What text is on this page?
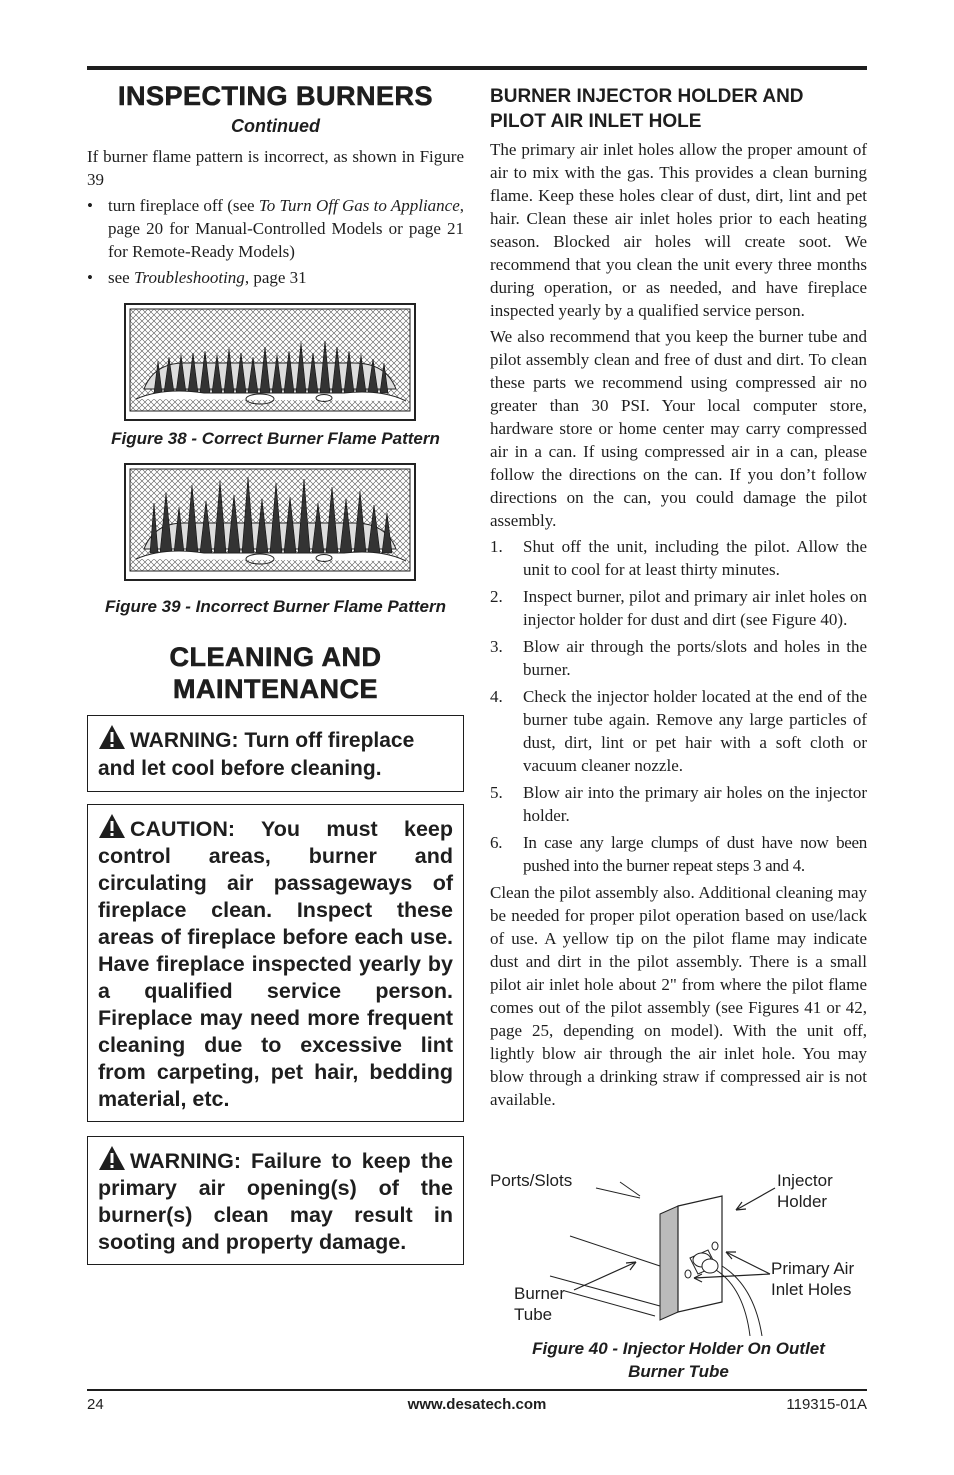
INSPECTING BURNERS
Continued

If burner flame pattern is incorrect, as shown in Figure 39

• turn fireplace off (see To Turn Off Gas to Appliance, page 20 for Manual-Controlled Models or page 21 for Remote-Ready Models)
• see Troubleshooting, page 31
Figure 38 - Correct Burner Flame Pattern
Figure 39 - Incorrect Burner Flame Pattern
CLEANING AND
MAINTENANCE
WARNING: Turn off fireplace and let cool before cleaning.
CAUTION: You must keep control areas, burner and circulating air passageways of fireplace clean. Inspect these areas of fireplace before each use. Have fireplace inspected yearly by a qualified service person. Fireplace may need more frequent cleaning due to excessive lint from carpeting, pet hair, bedding material, etc.
WARNING: Failure to keep the primary air opening(s) of the burner(s) clean may result in sooting and property damage.
BURNER INJECTOR HOLDER AND
PILOT AIR INLET HOLE

The primary air inlet holes allow the proper amount of air to mix with the gas. This provides a clean burning flame. Keep these holes clear of dust, dirt, lint and pet hair. Clean these air inlet holes prior to each heating season. Blocked air holes will create soot. We recommend that you clean the unit every three months during operation, or as needed, and have fireplace inspected yearly by a qualified service person.

We also recommend that you keep the burner tube and pilot assembly clean and free of dust and dirt. To clean these parts we recommend using compressed air no greater than 30 PSI. Your local computer store, hardware store or home center may carry compressed air in a can. If using compressed air in a can, please follow the directions on the can. If you don’t follow directions on the can, you could damage the pilot assembly.

1. Shut off the unit, including the pilot. Allow the unit to cool for at least thirty minutes.
2. Inspect burner, pilot and primary air inlet holes on injector holder for dust and dirt (see Figure 40).
3. Blow air through the ports/slots and holes in the burner.
4. Check the injector holder located at the end of the burner tube again. Remove any large particles of dust, dirt, lint or pet hair with a soft cloth or vacuum cleaner nozzle.
5. Blow air into the primary air holes on the injector holder.
6. In case any large clumps of dust have now been pushed into the burner repeat steps 3 and 4.

Clean the pilot assembly also. Additional cleaning may be needed for proper pilot operation based on use/lack of use. A yellow tip on the pilot flame may indicate dust and dirt in the pilot assembly. There is a small pilot air inlet hole about 2" from where the pilot flame comes out of the pilot assembly (see Figures 41 or 42, page 25, depending on model). With the unit off, lightly blow air through the air inlet hole. You may blow through a drinking straw if compressed air is not available.

Ports/Slots	Injector
Holder
Primary Air
Inlet Holes
Burner
Tube
Figure 40 - Injector Holder On Outlet
Burner Tube
24	www.desatech.com	119315-01A
